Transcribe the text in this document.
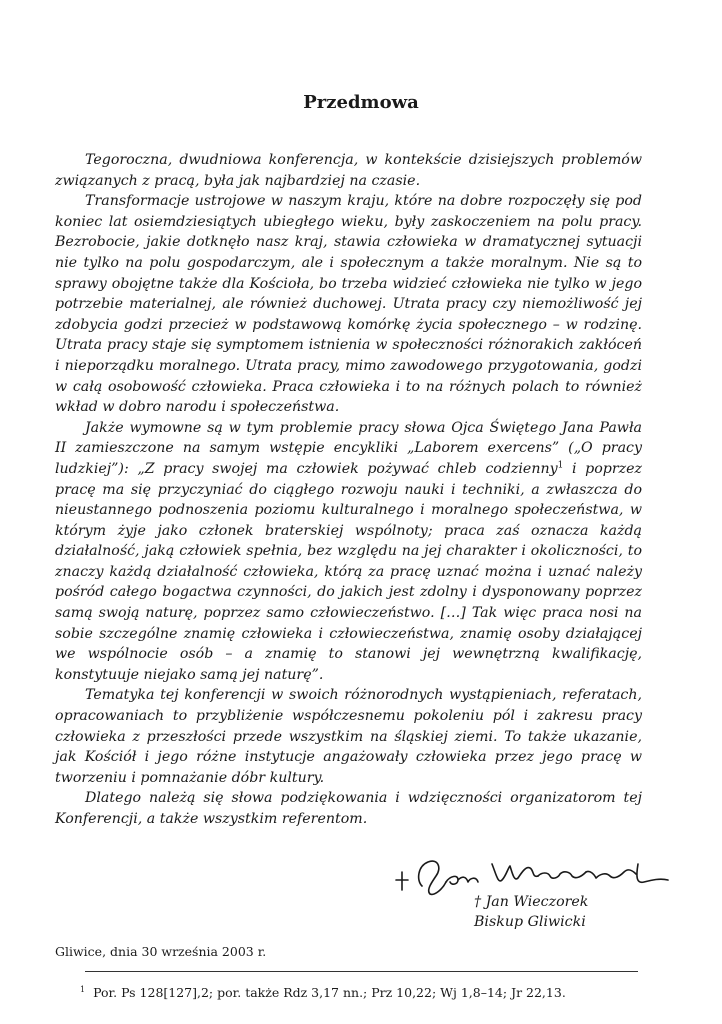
Przedmowa

Tegoroczna, dwudniowa konferencja, w kontekście dzisiejszych problemów związanych z pracą, była jak najbardziej na czasie.

Transformacje ustrojowe w naszym kraju, które na dobre rozpoczęły się pod koniec lat osiemdziesiątych ubiegłego wieku, były zaskoczeniem na polu pracy. Bezrobocie, jakie dotknęło nasz kraj, stawia człowieka w dramatycznej sytuacji nie tylko na polu gospodarczym, ale i społecznym a także moralnym. Nie są to sprawy obojętne także dla Kościoła, bo trzeba widzieć człowieka nie tylko w jego potrzebie materialnej, ale również duchowej. Utrata pracy czy niemożliwość jej zdobycia godzi przecież w podstawową komórkę życia społecznego – w rodzinę. Utrata pracy staje się symptomem istnienia w społeczności różnorakich zakłóceń i nieporządku moralnego. Utrata pracy, mimo zawodowego przygotowania, godzi w całą osobowość człowieka. Praca człowieka i to na różnych polach to również wkład w dobro narodu i społeczeństwa.

Jakże wymowne są w tym problemie pracy słowa Ojca Świętego Jana Pawła II zamieszczone na samym wstępie encykliki „Laborem exercens” („O pracy ludzkiej”): „Z pracy swojej ma człowiek pożywać chleb codzienny$^1$ i poprzez pracę ma się przyczyniać do ciągłego rozwoju nauki i techniki, a zwłaszcza do nieustannego podnoszenia poziomu kulturalnego i moralnego społeczeństwa, w którym żyje jako członek braterskiej wspólnoty; praca zaś oznacza każdą działalność, jaką człowiek spełnia, bez względu na jej charakter i okoliczności, to znaczy każdą działalność człowieka, którą za pracę uznać można i uznać należy pośród całego bogactwa czynności, do jakich jest zdolny i dysponowany poprzez samą swoją naturę, poprzez samo człowieczeństwo. […] Tak więc praca nosi na sobie szczególne znamię człowieka i człowieczeństwa, znamię osoby działającej we wspólnocie osób – a znamię to stanowi jej wewnętrzną kwalifikację, konstytuuje niejako samą jej naturę”.

Tematyka tej konferencji w swoich różnorodnych wystąpieniach, referatach, opracowaniach to przybliżenie współczesnemu pokoleniu pól i zakresu pracy człowieka z przeszłości przede wszystkim na śląskiej ziemi. To także ukazanie, jak Kościół i jego różne instytucje angażowały człowieka przez jego pracę w tworzeniu i pomnażanie dóbr kultury.

Dlatego należą się słowa podziękowania i wdzięczności organizatorom tej Konferencji, a także wszystkim referentom.

† Jan Wieczorek
Biskup Gliwicki
Gliwice, dnia 30 września 2003 r.
$^1$ Por. Ps 128[127],2; por. także Rdz 3,17 nn.; Prz 10,22; Wj 1,8–14; Jr 22,13.
